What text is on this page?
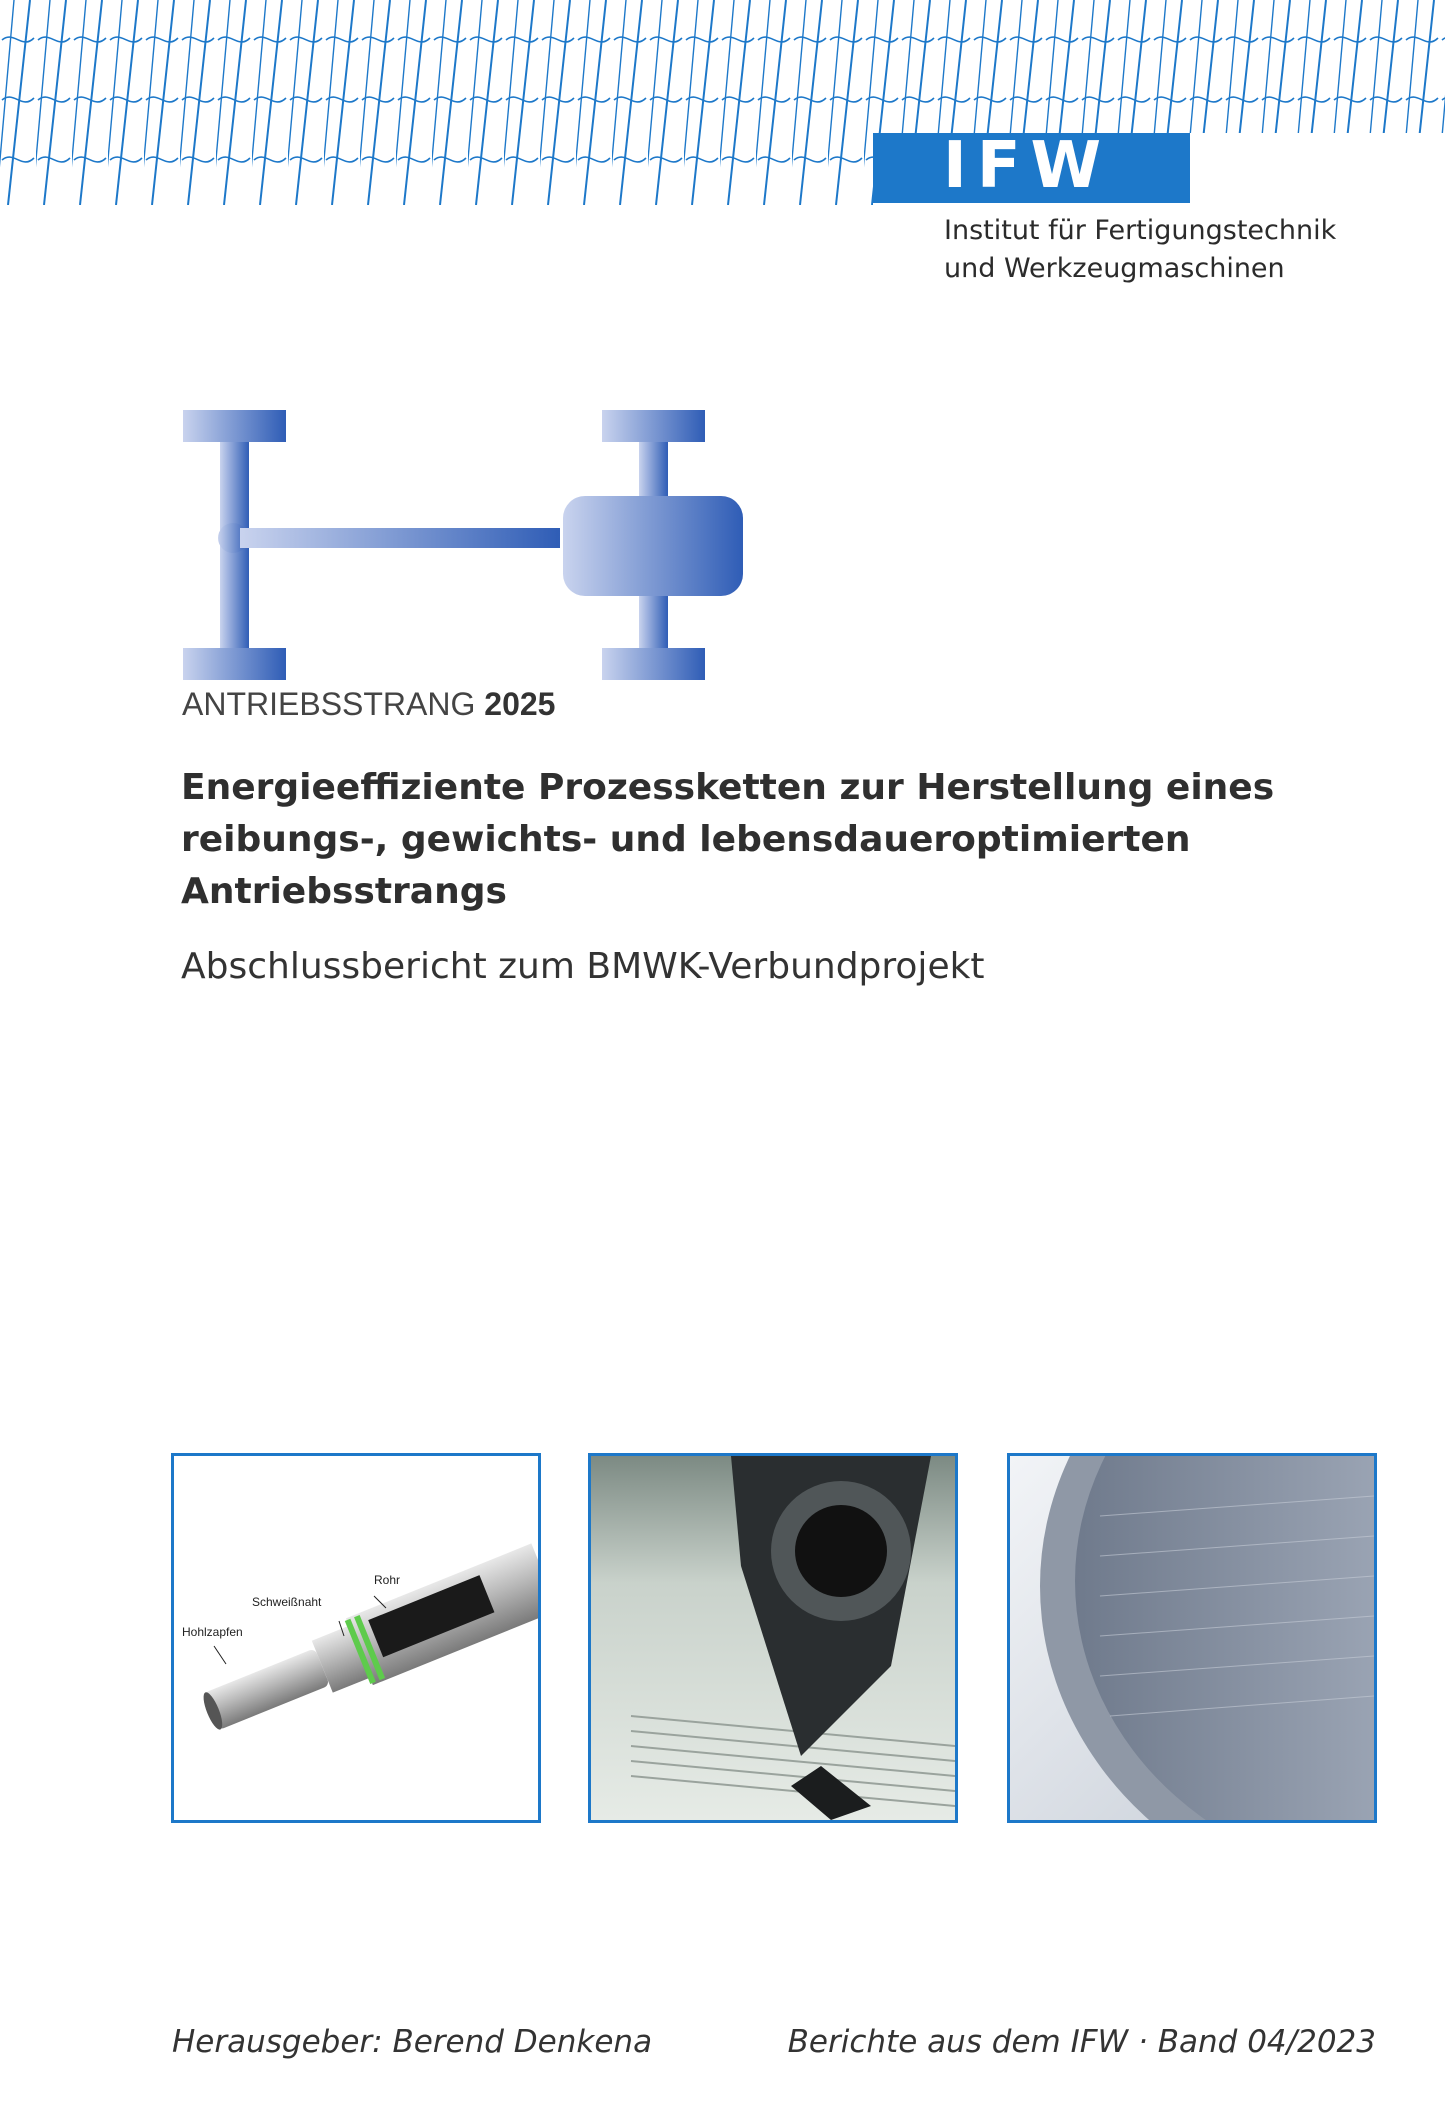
IFW
Institut für Fertigungstechnik
und Werkzeugmaschinen
ANTRIEBSSTRANG 2025
Energieeffiziente Prozessketten zur Herstellung eines
reibungs-, gewichts- und lebensdaueroptimierten
Antriebsstrangs
Abschlussbericht zum BMWK-Verbundprojekt
Rohr
Schweißnaht
Hohlzapfen
Herausgeber: Berend Denkena	Berichte aus dem IFW · Band 04/2023
